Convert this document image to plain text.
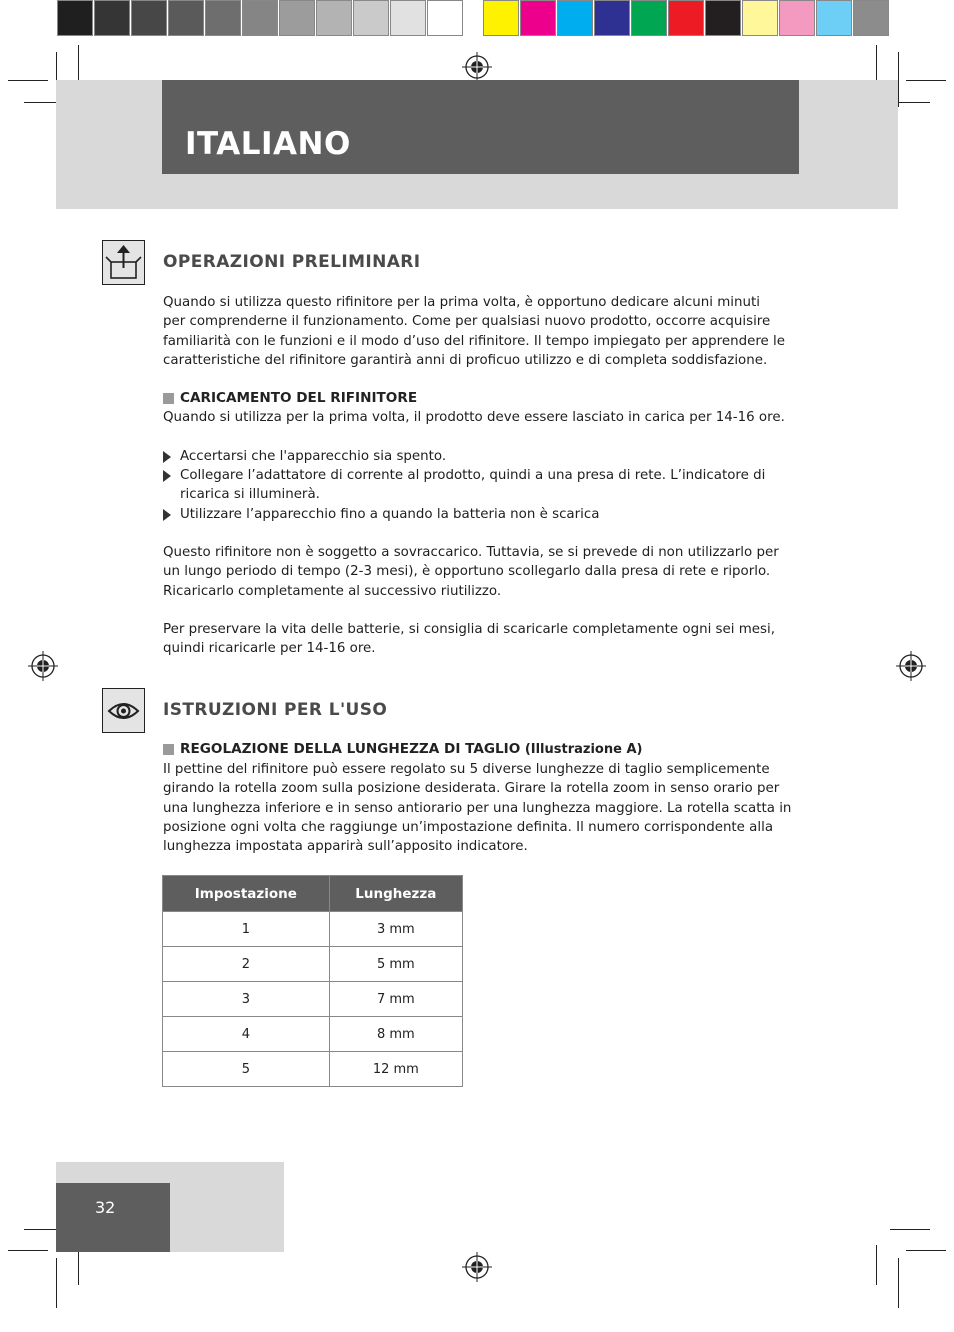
ITALIANO
OPERAZIONI PRELIMINARI
Quando si utilizza questo rifinitore per la prima volta, è opportuno dedicare alcuni minuti
per comprenderne il funzionamento. Come per qualsiasi nuovo prodotto, occorre acquisire
familiarità con le funzioni e il modo d’uso del rifinitore. Il tempo impiegato per apprendere le
caratteristiche del rifinitore garantirà anni di proficuo utilizzo e di completa soddisfazione.
CARICAMENTO DEL RIFINITORE
Quando si utilizza per la prima volta, il prodotto deve essere lasciato in carica per 14-16 ore.
Accertarsi che l'apparecchio sia spento.
Collegare l’adattatore di corrente al prodotto, quindi a una presa di rete. L’indicatore di
ricarica si illuminerà.
Utilizzare l’apparecchio fino a quando la batteria non è scarica
Questo rifinitore non è soggetto a sovraccarico. Tuttavia, se si prevede di non utilizzarlo per
un lungo periodo di tempo (2-3 mesi), è opportuno scollegarlo dalla presa di rete e riporlo.
Ricaricarlo completamente al successivo riutilizzo.
Per preservare la vita delle batterie, si consiglia di scaricarle completamente ogni sei mesi,
quindi ricaricarle per 14-16 ore.
ISTRUZIONI PER L'USO
REGOLAZIONE DELLA LUNGHEZZA DI TAGLIO (Illustrazione A)
Il pettine del rifinitore può essere regolato su 5 diverse lunghezze di taglio semplicemente
girando la rotella zoom sulla posizione desiderata. Girare la rotella zoom in senso orario per
una lunghezza inferiore e in senso antiorario per una lunghezza maggiore. La rotella scatta in
posizione ogni volta che raggiunge un’impostazione definita. Il numero corrispondente alla
lunghezza impostata apparirà sull’apposito indicatore.
Impostazione	Lunghezza
1	3 mm
2	5 mm
3	7 mm
4	8 mm
5	12 mm
32
